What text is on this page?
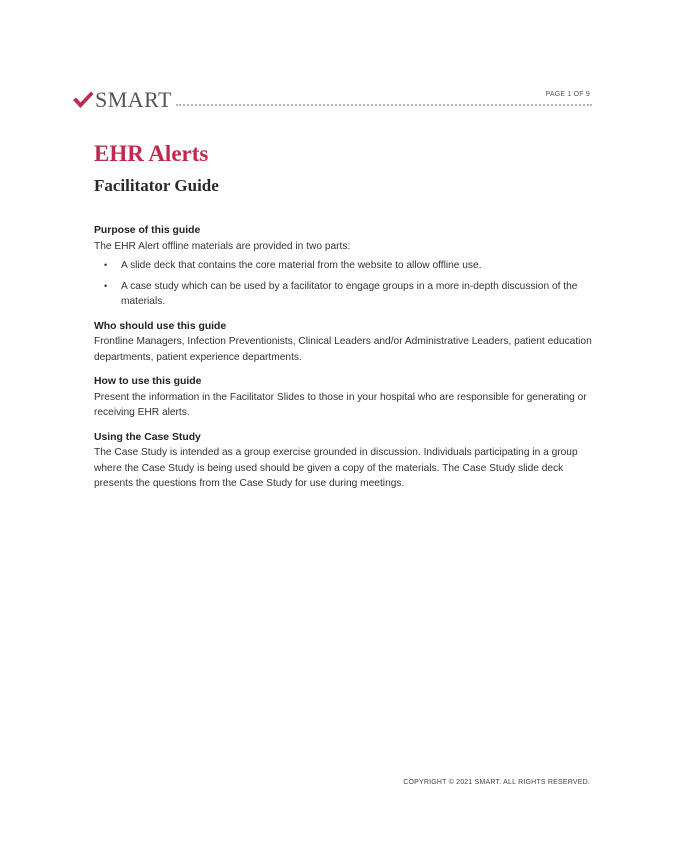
SMART	PAGE 1 OF 9
EHR Alerts
Facilitator Guide

Purpose of this guide

The EHR Alert offline materials are provided in two parts:

• A slide deck that contains the core material from the website to allow offline use.
• A case study which can be used by a facilitator to engage groups in a more in-depth discussion of the materials.

Who should use this guide

Frontline Managers, Infection Preventionists, Clinical Leaders and/or Administrative Leaders, patient education departments, patient experience departments.

How to use this guide

Present the information in the Facilitator Slides to those in your hospital who are responsible for generating or receiving EHR alerts.

Using the Case Study

The Case Study is intended as a group exercise grounded in discussion. Individuals participating in a group where the Case Study is being used should be given a copy of the materials. The Case Study slide deck presents the questions from the Case Study for use during meetings.

COPYRIGHT © 2021 SMART. ALL RIGHTS RESERVED.
